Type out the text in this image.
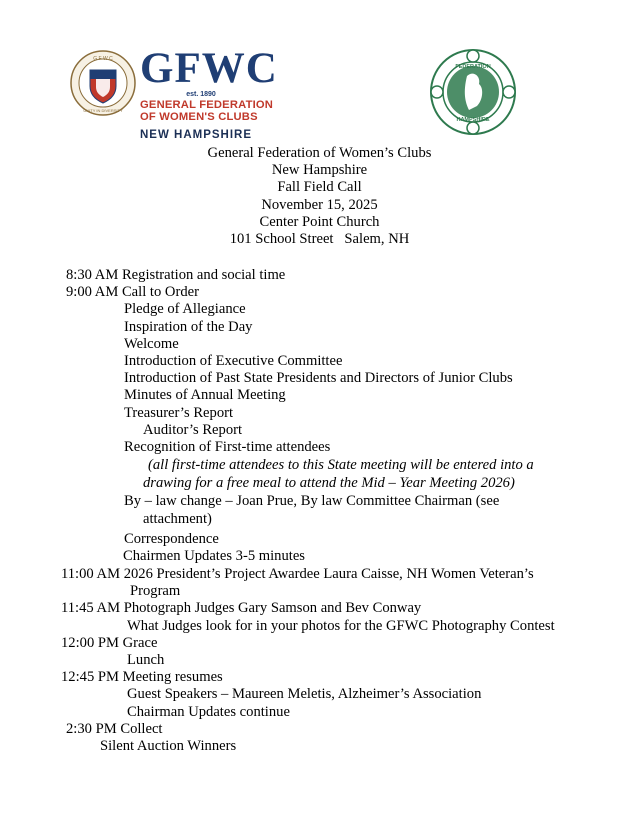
G F W C
UNITY IN DIVERSITY
GFWC
est. 1890
GENERAL FEDERATION
OF WOMEN'S CLUBS
NEW HAMPSHIRE
FEDERATION
HAMPSHIRE
General Federation of Women’s Clubs
New Hampshire
Fall Field Call
November 15, 2025
Center Point Church
101 School Street   Salem, NH
8:30 AM Registration and social time
9:00 AM Call to Order
Pledge of Allegiance
Inspiration of the Day
Welcome
Introduction of Executive Committee
Introduction of Past State Presidents and Directors of Junior Clubs
Minutes of Annual Meeting
Treasurer’s Report
Auditor’s Report
Recognition of First-time attendees
(all first-time attendees to this State meeting will be entered into a
drawing for a free meal to attend the Mid – Year Meeting 2026)
By – law change – Joan Prue, By law Committee Chairman (see
attachment)
Correspondence
Chairmen Updates 3-5 minutes
11:00 AM 2026 President’s Project Awardee Laura Caisse, NH Women Veteran’s
Program
11:45 AM Photograph Judges Gary Samson and Bev Conway
What Judges look for in your photos for the GFWC Photography Contest
12:00 PM Grace
Lunch
12:45 PM Meeting resumes
Guest Speakers – Maureen Meletis, Alzheimer’s Association
Chairman Updates continue
2:30 PM Collect
Silent Auction Winners
